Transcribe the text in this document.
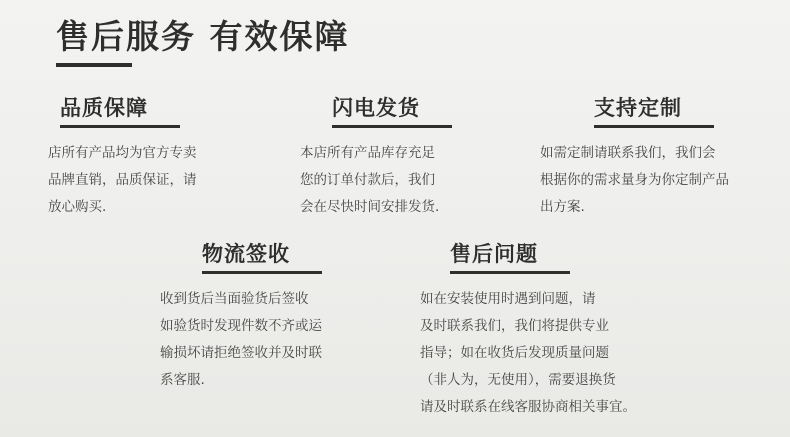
售后服务 有效保障
品质保障
店所有产品均为官方专卖
品牌直销，品质保证，请
放心购买.
闪电发货
本店所有产品库存充足
您的订单付款后，我们
会在尽快时间安排发货.
支持定制
如需定制请联系我们，我们会
根据你的需求量身为你定制产品
出方案.
物流签收
收到货后当面验货后签收
如验货时发现件数不齐或运
输损坏请拒绝签收并及时联
系客服.
售后问题
如在安装使用时遇到问题，请
及时联系我们，我们将提供专业
指导；如在收货后发现质量问题
（非人为，无使用），需要退换货
请及时联系在线客服协商相关事宜。
